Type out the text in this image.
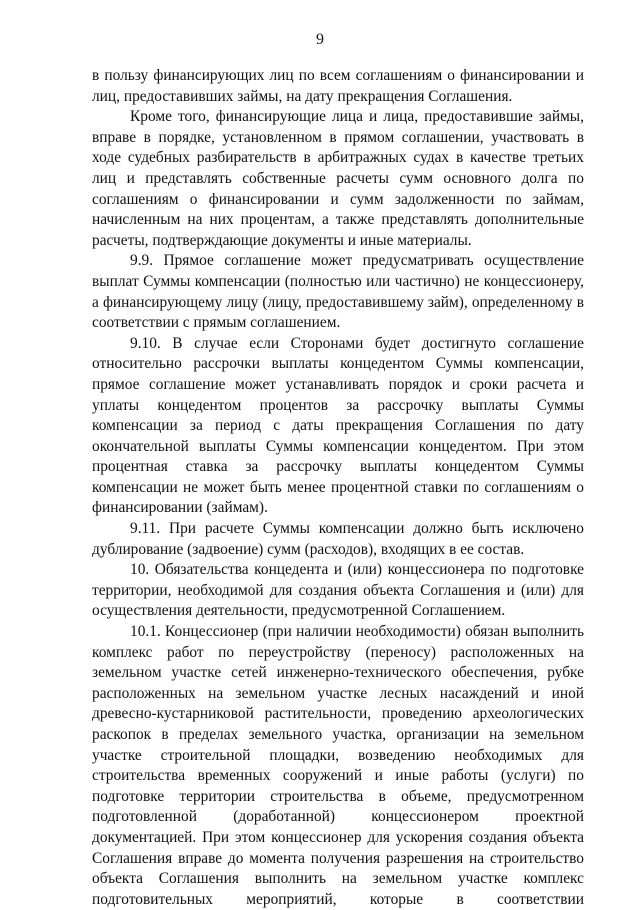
9

в пользу финансирующих лиц по всем соглашениям о финансировании и лиц, предоставивших займы, на дату прекращения Соглашения.

Кроме того, финансирующие лица и лица, предоставившие займы, вправе в порядке, установленном в прямом соглашении, участвовать в ходе судебных разбирательств в арбитражных судах в качестве третьих лиц и представлять собственные расчеты сумм основного долга по соглашениям о финансировании и сумм задолженности по займам, начисленным на них процентам, а также представлять дополнительные расчеты, подтверждающие документы и иные материалы.

9.9. Прямое соглашение может предусматривать осуществление выплат Суммы компенсации (полностью или частично) не концессионеру, а финансирующему лицу (лицу, предоставившему займ), определенному в соответствии с прямым соглашением.

9.10. В случае если Сторонами будет достигнуто соглашение относительно рассрочки выплаты концедентом Суммы компенсации, прямое соглашение может устанавливать порядок и сроки расчета и уплаты концедентом процентов за рассрочку выплаты Суммы компенсации за период с даты прекращения Соглашения по дату окончательной выплаты Суммы компенсации концедентом. При этом процентная ставка за рассрочку выплаты концедентом Суммы компенсации не может быть менее процентной ставки по соглашениям о финансировании (займам).

9.11. При расчете Суммы компенсации должно быть исключено дублирование (задвоение) сумм (расходов), входящих в ее состав.

10. Обязательства концедента и (или) концессионера по подготовке территории, необходимой для создания объекта Соглашения и (или) для осуществления деятельности, предусмотренной Соглашением.

10.1. Концессионер (при наличии необходимости) обязан выполнить комплекс работ по переустройству (переносу) расположенных на земельном участке сетей инженерно-технического обеспечения, рубке расположенных на земельном участке лесных насаждений и иной древесно-кустарниковой растительности, проведению археологических раскопок в пределах земельного участка, организации на земельном участке строительной площадки, возведению необходимых для строительства временных сооружений и иные работы (услуги) по подготовке территории строительства в объеме, предусмотренном подготовленной (доработанной) концессионером проектной документацией. При этом концессионер для ускорения создания объекта Соглашения вправе до момента получения разрешения на строительство объекта Соглашения выполнить на земельном участке комплекс подготовительных мероприятий, которые в соответствии
